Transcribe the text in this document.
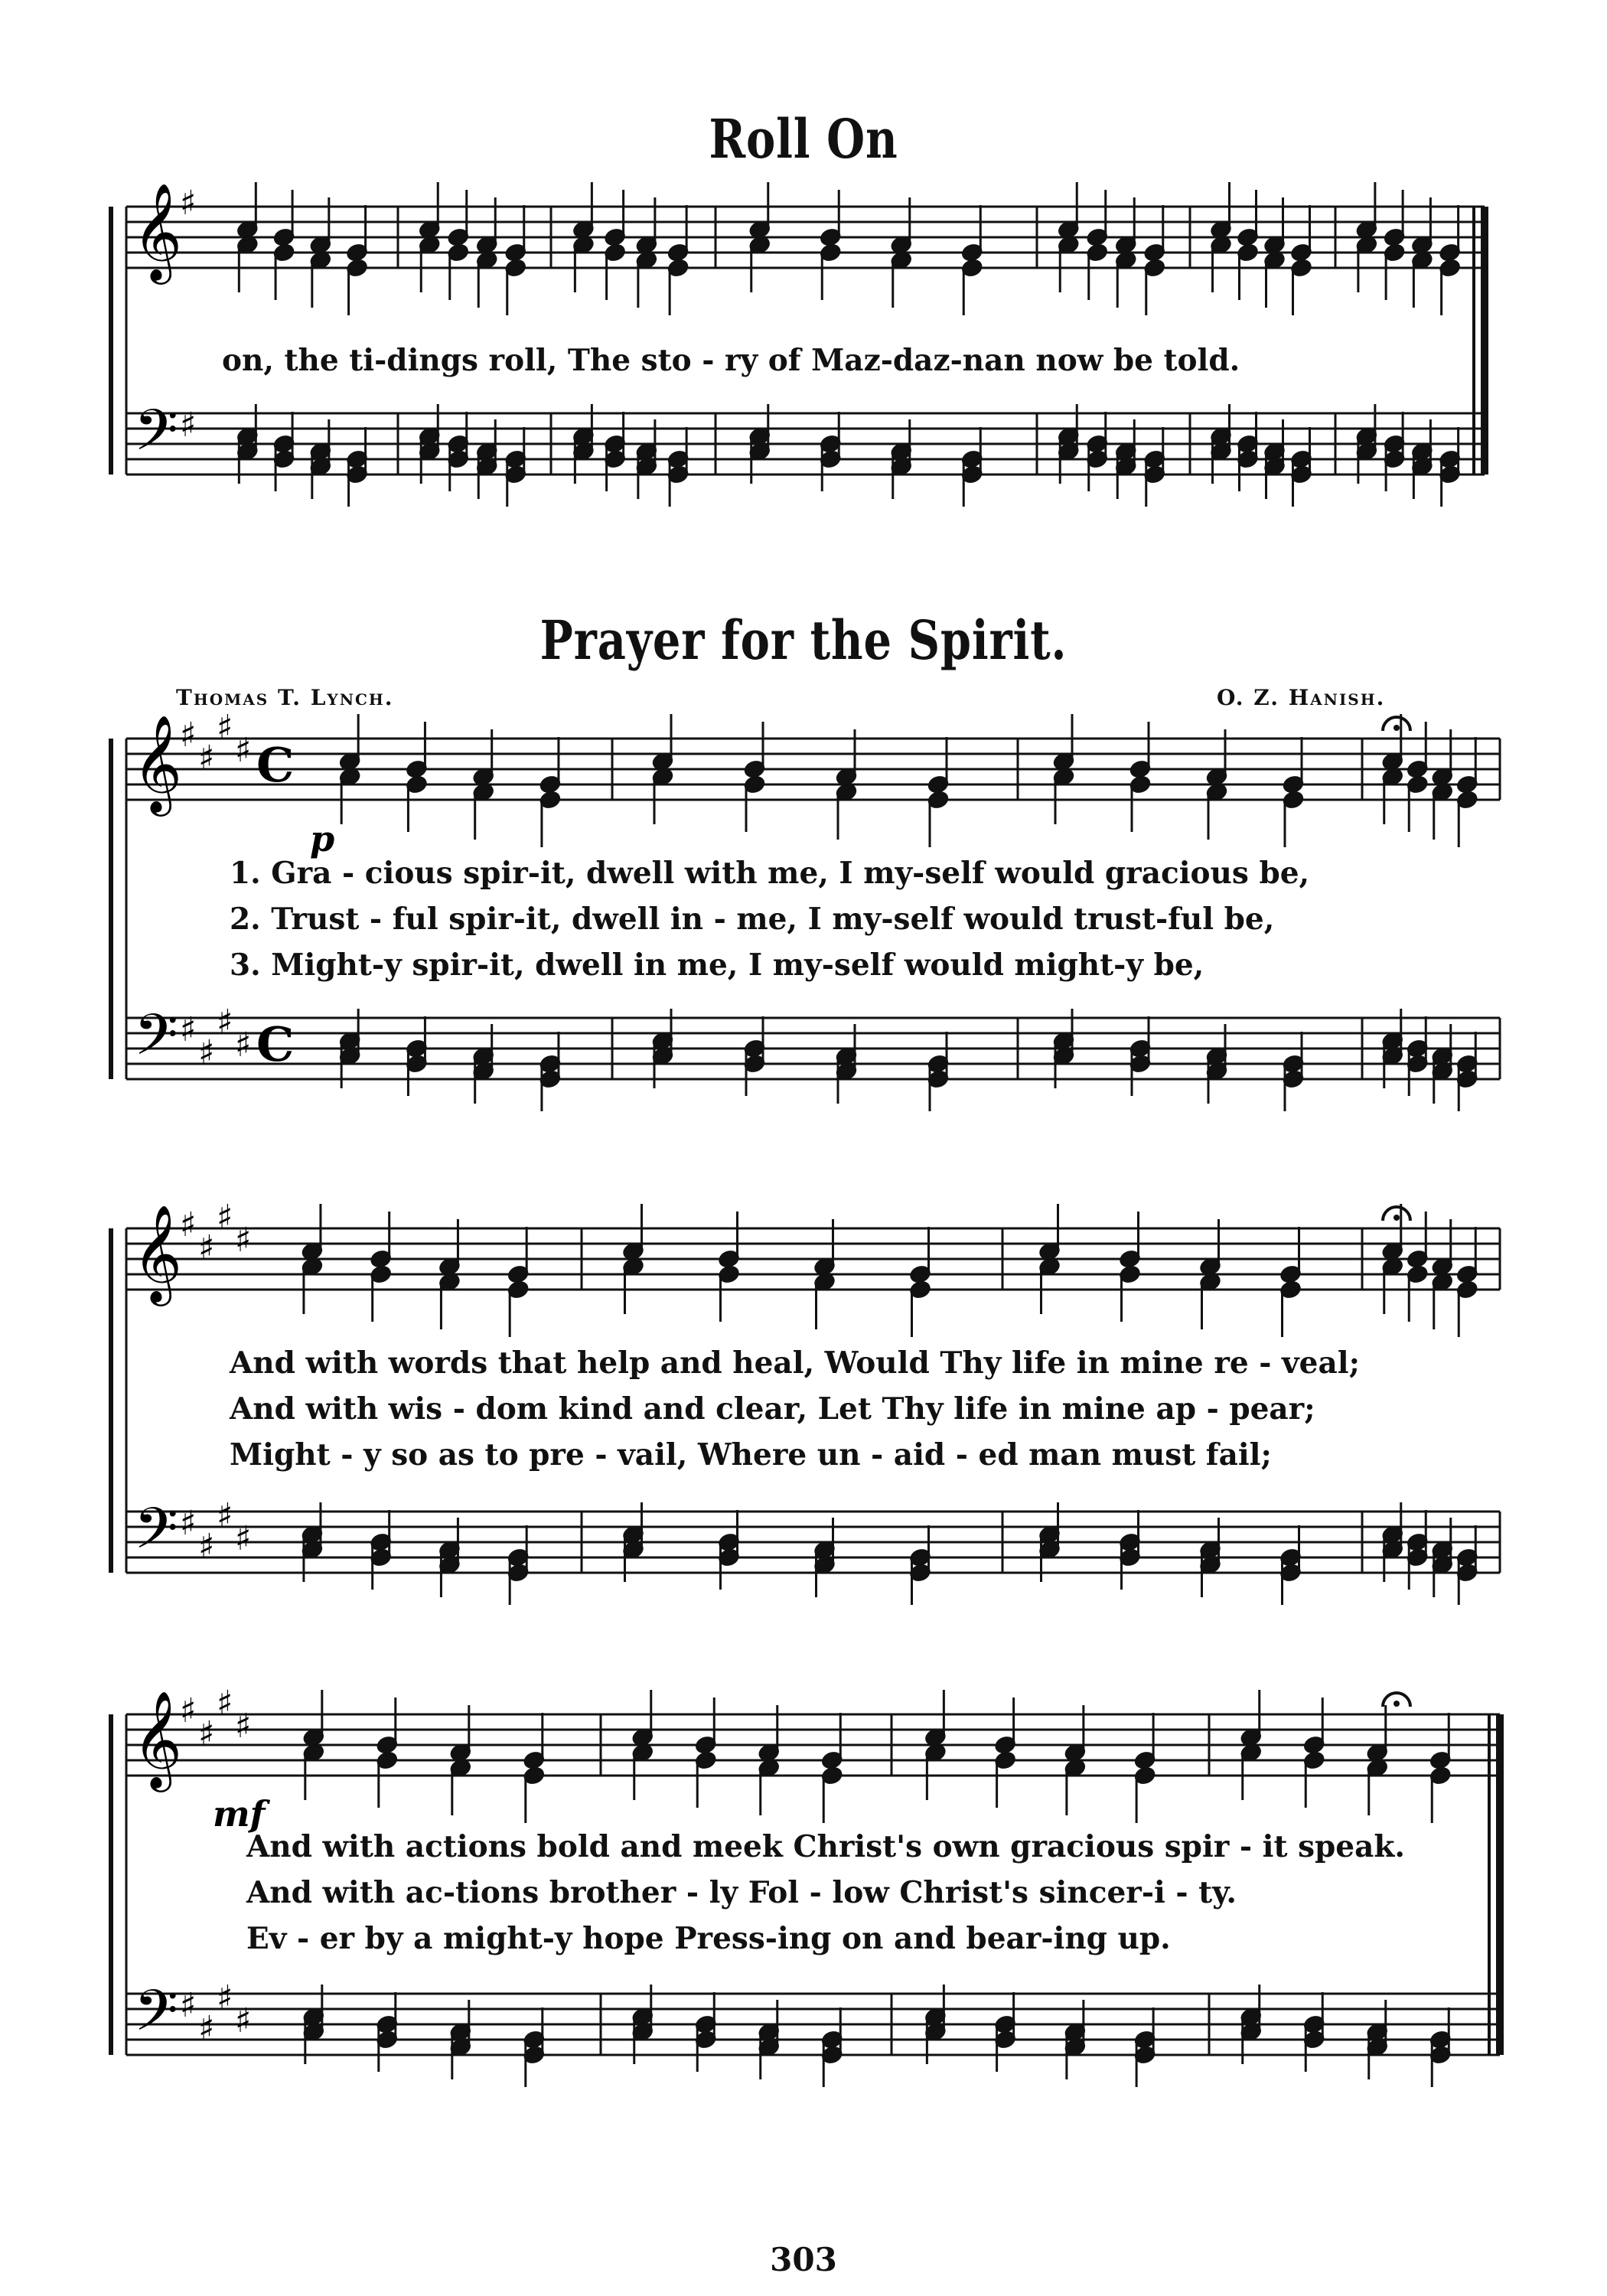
𝄞
𝄢
♯
♯
𝄞
𝄢
♯
♯
♯
♯
♯
♯
♯
♯
C
C
𝄞
𝄢
♯
♯
♯
♯
♯
♯
♯
♯
𝄞
𝄢
♯
♯
♯
♯
♯
♯
♯
♯
p
mf
Roll On
on, the ti-dings roll, The sto - ry of Maz-daz-nan now be told.
Prayer for the Spirit.
Thomas T. Lynch.	O. Z. Hanish.
1. Gra - cious spir-it, dwell with me, I my-self would gracious be,
2. Trust - ful spir-it, dwell in - me, I my-self would trust-ful be,
3. Might-y spir-it, dwell in me, I my-self would might-y be,
And with words that help and heal, Would Thy life in mine re - veal;
And with wis - dom kind and clear, Let Thy life in mine ap - pear;
Might - y so as to pre - vail, Where un - aid - ed man must fail;
And with actions bold and meek Christ's own gracious spir - it speak.
And with ac-tions brother - ly Fol - low Christ's sincer-i - ty.
Ev - er by a might-y hope Press-ing on and bear-ing up.
303
